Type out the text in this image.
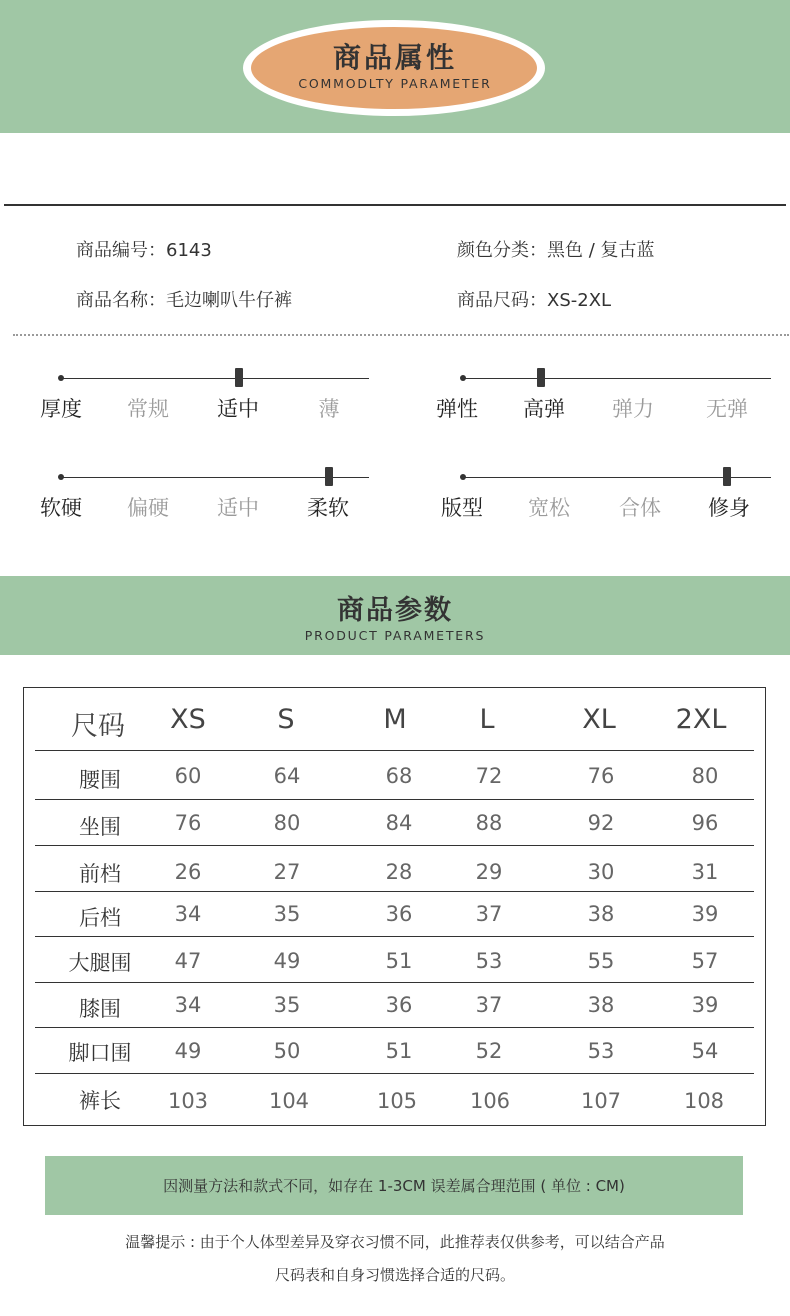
商品属性
COMMODLTY PARAMETER
商品编号：6143
商品名称：毛边喇叭牛仔裤
颜色分类：黑色 / 复古蓝
商品尺码：XS-2XL
厚度 常规 适中	薄	弹性 高弹 弹力 无弹
软硬 偏硬 适中 柔软	版型 宽松 合体 修身
商品参数
PRODUCT PARAMETERS
尺码 XS	S	M	L	XL 2XL
腰围	60	64	68	72	76	80
坐围	76	80	84	88	92	96
前档	26	27	28	29	30	31
后档	34	35	36	37	38	39
大腿围 47	49	51	53	55	57
膝围	34	35	36	37	38	39
脚口围 49	50	51	52	53	54
裤长 103	104	105	106	107	108
因测量方法和款式不同，如存在 1-3CM 误差属合理范围 ( 单位 : CM)
温馨提示 : 由于个人体型差异及穿衣习惯不同，此推荐表仅供参考，可以结合产品
尺码表和自身习惯选择合适的尺码。
